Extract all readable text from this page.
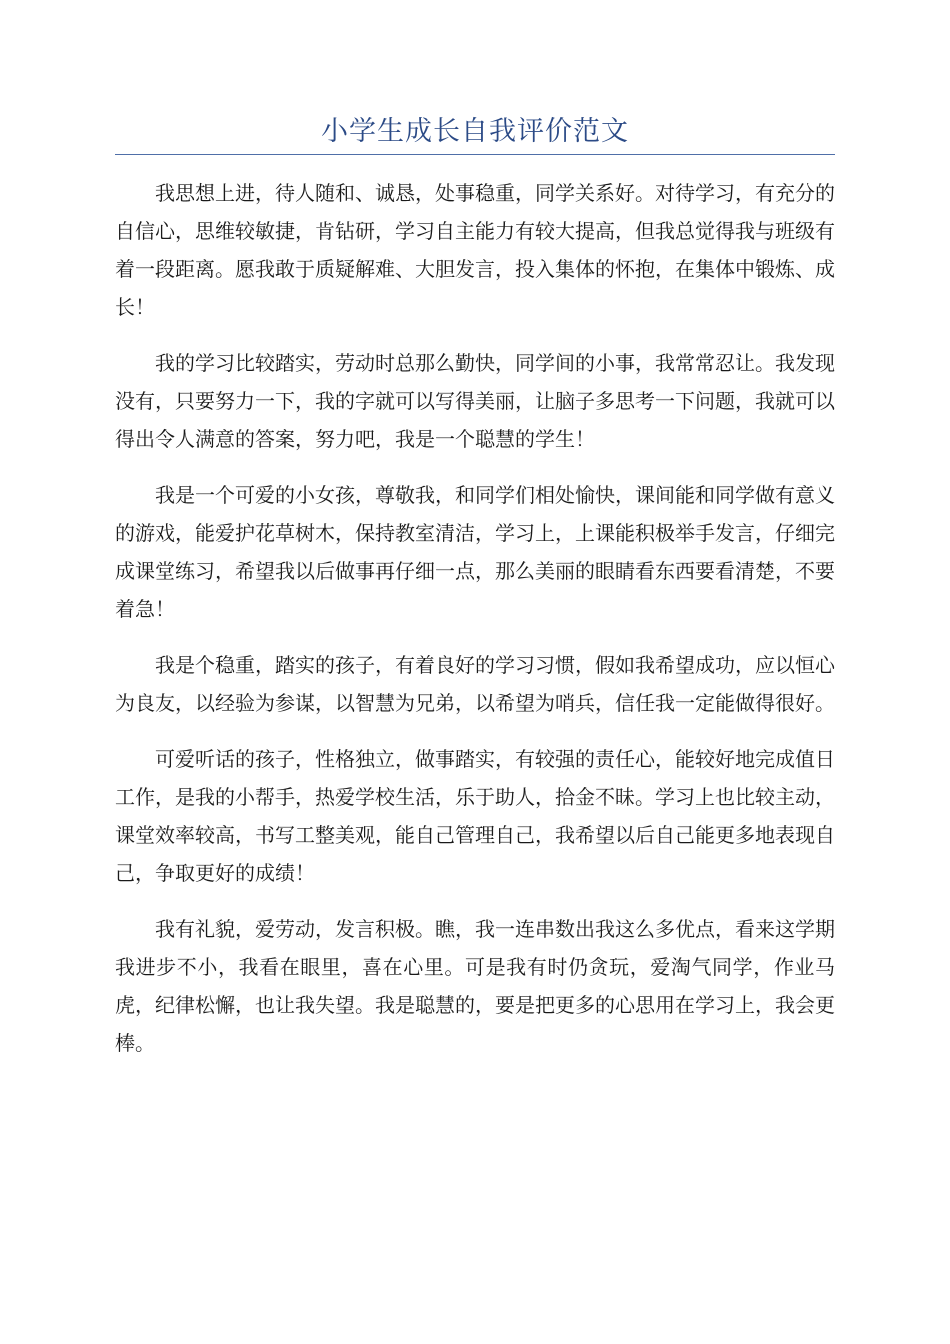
小学生成长自我评价范文

我思想上进，待人随和、诚恳，处事稳重，同学关系好。对待学习，有充分的自信心，思维较敏捷，肯钻研，学习自主能力有较大提高，但我总觉得我与班级有着一段距离。愿我敢于质疑解难、大胆发言，投入集体的怀抱，在集体中锻炼、成长！

我的学习比较踏实，劳动时总那么勤快，同学间的小事，我常常忍让。我发现没有，只要努力一下，我的字就可以写得美丽，让脑子多思考一下问题，我就可以得出令人满意的答案，努力吧，我是一个聪慧的学生！

我是一个可爱的小女孩，尊敬我，和同学们相处愉快，课间能和同学做有意义的游戏，能爱护花草树木，保持教室清洁，学习上，上课能积极举手发言，仔细完成课堂练习，希望我以后做事再仔细一点，那么美丽的眼睛看东西要看清楚，不要着急！

我是个稳重，踏实的孩子，有着良好的学习习惯，假如我希望成功，应以恒心为良友，以经验为参谋，以智慧为兄弟，以希望为哨兵，信任我一定能做得很好。

可爱听话的孩子，性格独立，做事踏实，有较强的责任心，能较好地完成值日工作，是我的小帮手，热爱学校生活，乐于助人，拾金不昧。学习上也比较主动，课堂效率较高，书写工整美观，能自己管理自己，我希望以后自己能更多地表现自己，争取更好的成绩！

我有礼貌，爱劳动，发言积极。瞧，我一连串数出我这么多优点，看来这学期我进步不小，我看在眼里，喜在心里。可是我有时仍贪玩，爱淘气同学，作业马虎，纪律松懈，也让我失望。我是聪慧的，要是把更多的心思用在学习上，我会更棒。
